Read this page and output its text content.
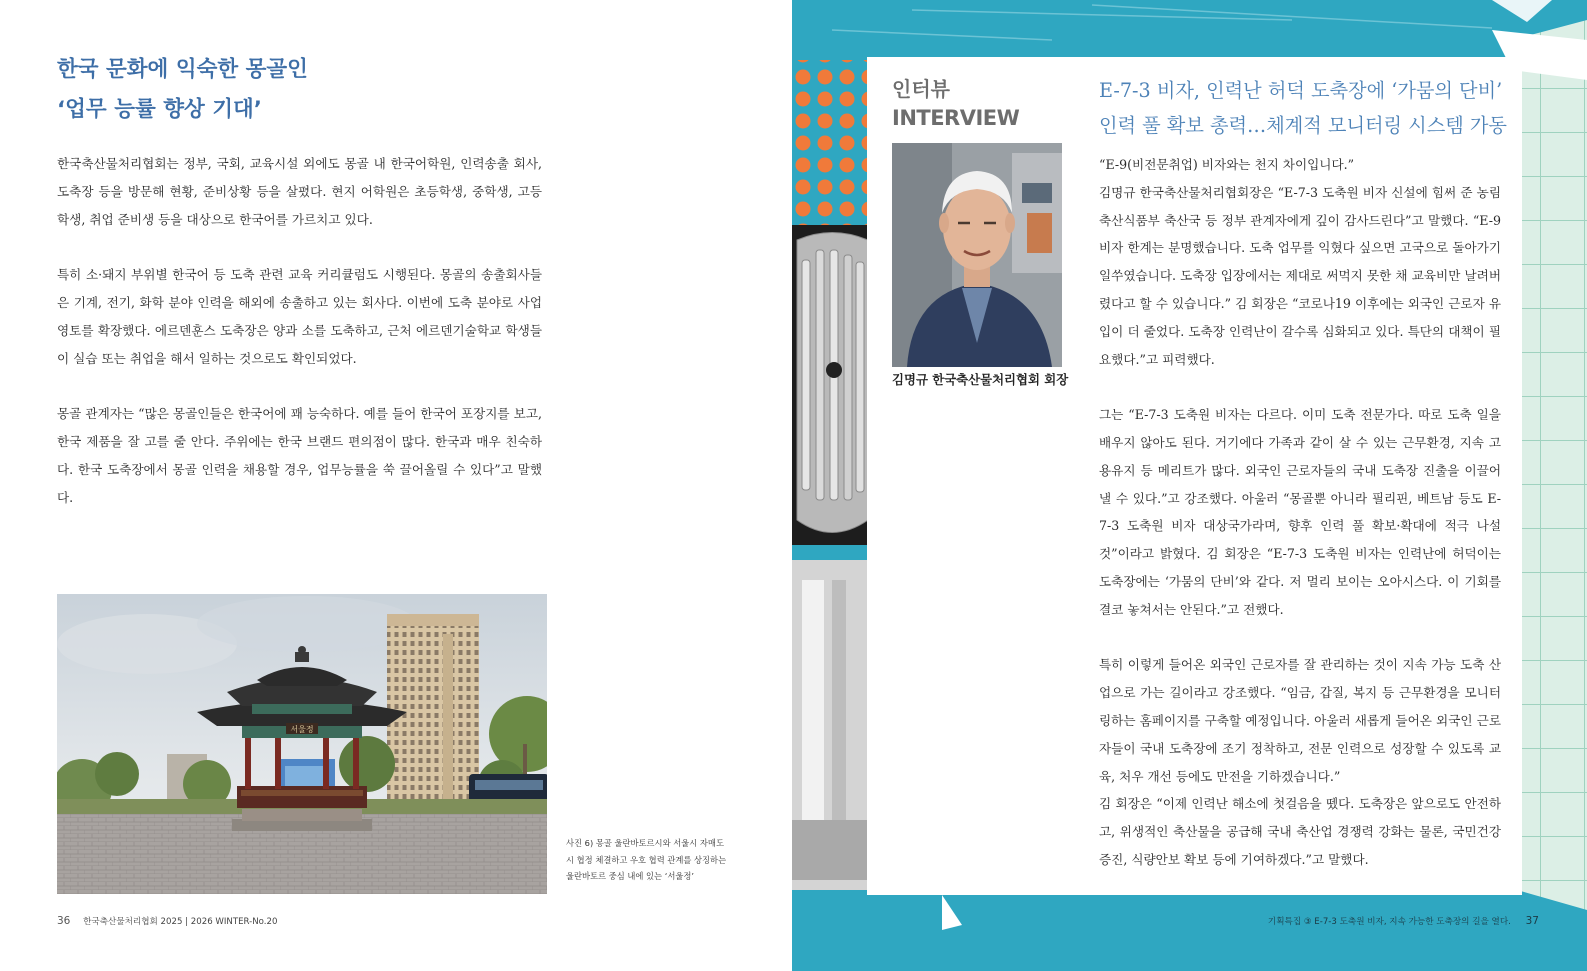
한국 문화에 익숙한 몽골인
‘업무 능률 향상 기대’

한국축산물처리협회는 정부, 국회, 교육시설 외에도 몽골 내 한국어학원, 인력송출 회사, 도축장 등을 방문해 현황, 준비상황 등을 살폈다. 현지 어학원은 초등학생, 중학생, 고등학생, 취업 준비생 등을 대상으로 한국어를 가르치고 있다.

특히 소·돼지 부위별 한국어 등 도축 관련 교육 커리큘럼도 시행된다. 몽골의 송출회사들은 기계, 전기, 화학 분야 인력을 해외에 송출하고 있는 회사다. 이번에 도축 분야로 사업 영토를 확장했다. 에르덴훈스 도축장은 양과 소를 도축하고, 근처 에르덴기술학교 학생들이 실습 또는 취업을 해서 일하는 것으로도 확인되었다.

몽골 관계자는 “많은 몽골인들은 한국어에 꽤 능숙하다. 예를 들어 한국어 포장지를 보고, 한국 제품을 잘 고를 줄 안다. 주위에는 한국 브랜드 편의점이 많다. 한국과 매우 친숙하다. 한국 도축장에서 몽골 인력을 채용할 경우, 업무능률을 쑥 끌어올릴 수 있다”고 말했다.

서울정
사진 6) 몽골 울란바토르시와 서울시 자매도시 협정 체결하고 우호 협력 관계를 상징하는 울란바토르 중심 내에 있는 ‘서울정’
36 한국축산물처리협회 2025 | 2026 WINTER-No.20
인터뷰
INTERVIEW
김명규 한국축산물처리협회 회장
E-7-3 비자, 인력난 허덕 도축장에 ‘가뭄의 단비’
인력 풀 확보 총력…체계적 모니터링 시스템 가동

“E-9(비전문취업) 비자와는 천지 차이입니다.”

김명규 한국축산물처리협회장은 “E-7-3 도축원 비자 신설에 힘써 준 농림축산식품부 축산국 등 정부 관계자에게 깊이 감사드린다”고 말했다. “E-9 비자 한계는 분명했습니다. 도축 업무를 익혔다 싶으면 고국으로 돌아가기 일쑤였습니다. 도축장 입장에서는 제대로 써먹지 못한 채 교육비만 날려버렸다고 할 수 있습니다.” 김 회장은 “코로나19 이후에는 외국인 근로자 유입이 더 줄었다. 도축장 인력난이 갈수록 심화되고 있다. 특단의 대책이 필요했다.”고 피력했다.

그는 “E-7-3 도축원 비자는 다르다. 이미 도축 전문가다. 따로 도축 일을 배우지 않아도 된다. 거기에다 가족과 같이 살 수 있는 근무환경, 지속 고용유지 등 메리트가 많다. 외국인 근로자들의 국내 도축장 진출을 이끌어낼 수 있다.”고 강조했다. 아울러 “몽골뿐 아니라 필리핀, 베트남 등도 E-7-3 도축원 비자 대상국가라며, 향후 인력 풀 확보·확대에 적극 나설 것”이라고 밝혔다. 김 회장은 “E-7-3 도축원 비자는 인력난에 허덕이는 도축장에는 ‘가뭄의 단비’와 같다. 저 멀리 보이는 오아시스다. 이 기회를 결코 놓쳐서는 안된다.”고 전했다.

특히 이렇게 들어온 외국인 근로자를 잘 관리하는 것이 지속 가능 도축 산업으로 가는 길이라고 강조했다. “임금, 갑질, 복지 등 근무환경을 모니터링하는 홈페이지를 구축할 예정입니다. 아울러 새롭게 들어온 외국인 근로자들이 국내 도축장에 조기 정착하고, 전문 인력으로 성장할 수 있도록 교육, 처우 개선 등에도 만전을 기하겠습니다.”

김 회장은 “이제 인력난 해소에 첫걸음을 뗐다. 도축장은 앞으로도 안전하고, 위생적인 축산물을 공급해 국내 축산업 경쟁력 강화는 물론, 국민건강 증진, 식량안보 확보 등에 기여하겠다.”고 말했다.

기획특집 ③ E-7-3 도축원 비자, 지속 가능한 도축장의 길을 열다. 37
